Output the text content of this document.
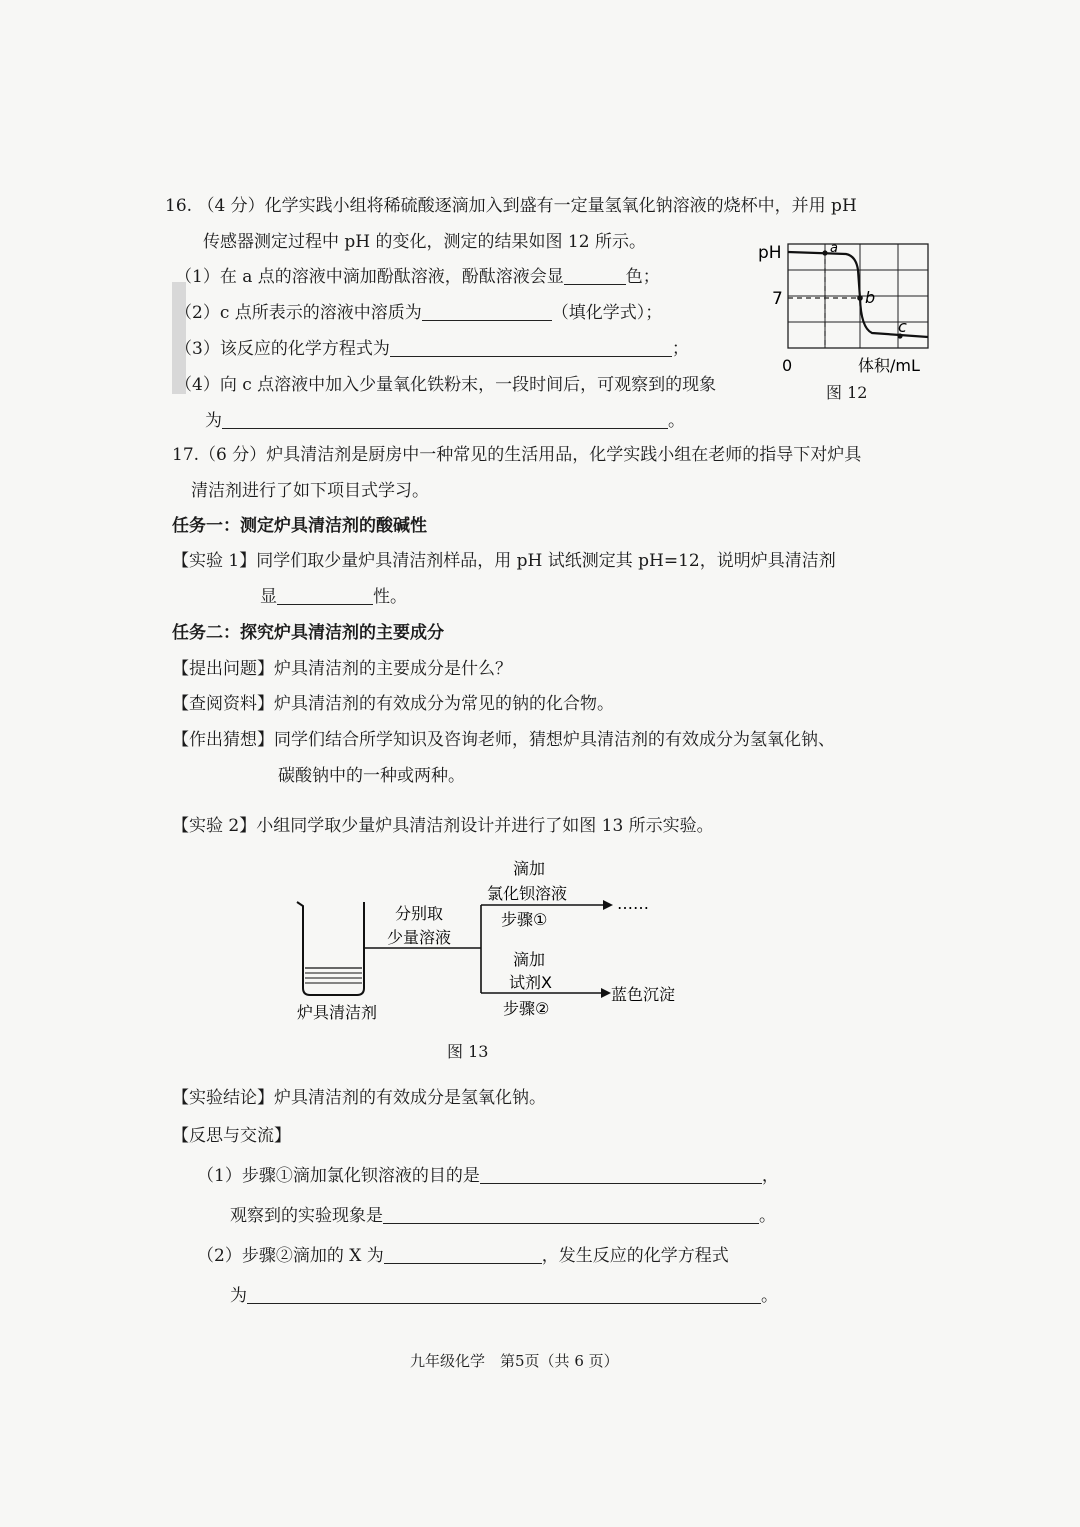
16. （4 分）化学实践小组将稀硫酸逐滴加入到盛有一定量氢氧化钠溶液的烧杯中，并用 pH
传感器测定过程中 pH 的变化，测定的结果如图 12 所示。
（1）在 a 点的溶液中滴加酚酞溶液，酚酞溶液会显	色；
（2）c 点所表示的溶液中溶质为	（填化学式）；
（3）该反应的化学方程式为	；
（4）向 c 点溶液中加入少量氧化铁粉末，一段时间后，可观察到的现象
为	。
pH
7
0	体积/mL
a
b
c
图 12
17.（6 分）炉具清洁剂是厨房中一种常见的生活用品，化学实践小组在老师的指导下对炉具
清洁剂进行了如下项目式学习。
任务一：测定炉具清洁剂的酸碱性
【实验 1】同学们取少量炉具清洁剂样品，用 pH 试纸测定其 pH=12，说明炉具清洁剂
显	性。
任务二：探究炉具清洁剂的主要成分
【提出问题】炉具清洁剂的主要成分是什么？
【查阅资料】炉具清洁剂的有效成分为常见的钠的化合物。
【作出猜想】同学们结合所学知识及咨询老师，猜想炉具清洁剂的有效成分为氢氧化钠、
碳酸钠中的一种或两种。
【实验 2】小组同学取少量炉具清洁剂设计并进行了如图 13 所示实验。
分别取
少量溶液
滴加
氯化钡溶液
步骤①
……
滴加
试剂X
步骤②
蓝色沉淀
炉具清洁剂
图 13
【实验结论】炉具清洁剂的有效成分是氢氧化钠。
【反思与交流】
（1）步骤①滴加氯化钡溶液的目的是	，
观察到的实验现象是	。
（2）步骤②滴加的 X 为	，发生反应的化学方程式
为	。
九年级化学　第5页（共 6 页）
